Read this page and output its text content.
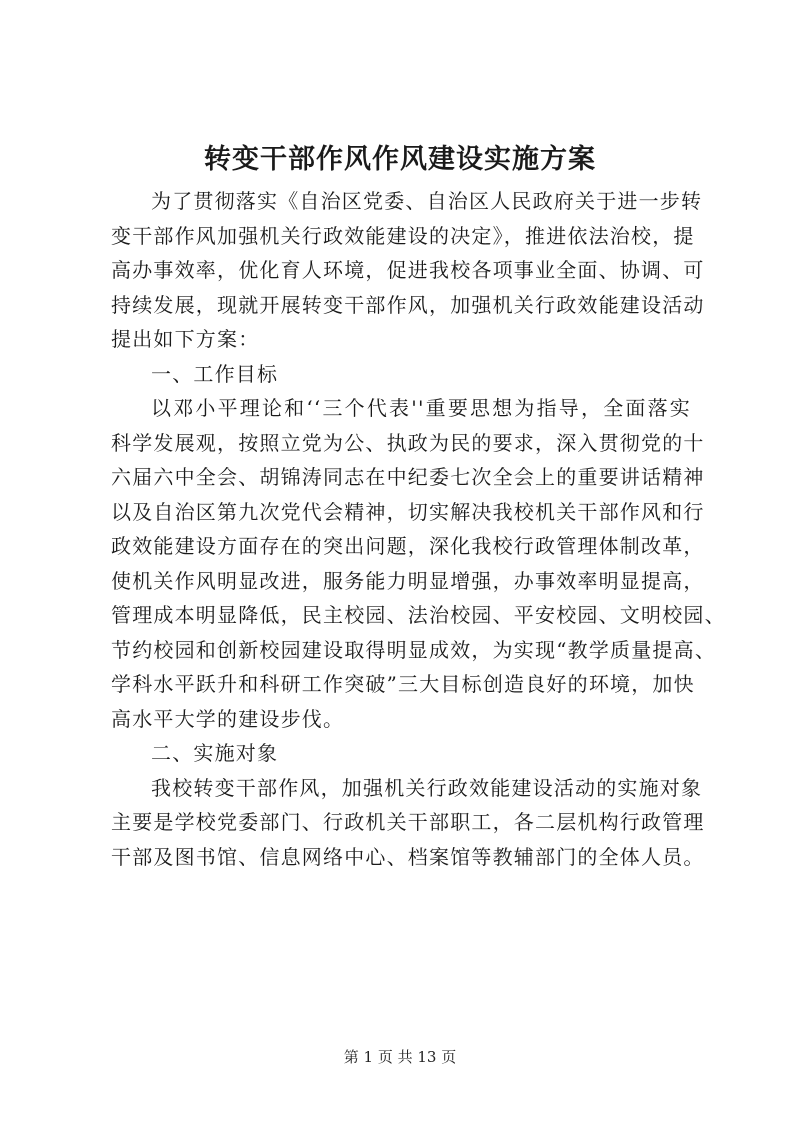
转变干部作风作风建设实施方案
为了贯彻落实《自治区党委、自治区人民政府关于进一步转
变干部作风加强机关行政效能建设的决定》，推进依法治校，提
高办事效率，优化育人环境，促进我校各项事业全面、协调、可
持续发展，现就开展转变干部作风，加强机关行政效能建设活动
提出如下方案：
一、工作目标
以邓小平理论和‘‘三个代表''重要思想为指导，全面落实
科学发展观，按照立党为公、执政为民的要求，深入贯彻党的十
六届六中全会、胡锦涛同志在中纪委七次全会上的重要讲话精神
以及自治区第九次党代会精神，切实解决我校机关干部作风和行
政效能建设方面存在的突出问题，深化我校行政管理体制改革，
使机关作风明显改进，服务能力明显增强，办事效率明显提高，
管理成本明显降低，民主校园、法治校园、平安校园、文明校园、
节约校园和创新校园建设取得明显成效，为实现“教学质量提高、
学科水平跃升和科研工作突破”三大目标创造良好的环境，加快
高水平大学的建设步伐。
二、实施对象
我校转变干部作风，加强机关行政效能建设活动的实施对象
主要是学校党委部门、行政机关干部职工，各二层机构行政管理
干部及图书馆、信息网络中心、档案馆等教辅部门的全体人员。
第 1 页 共 13 页
